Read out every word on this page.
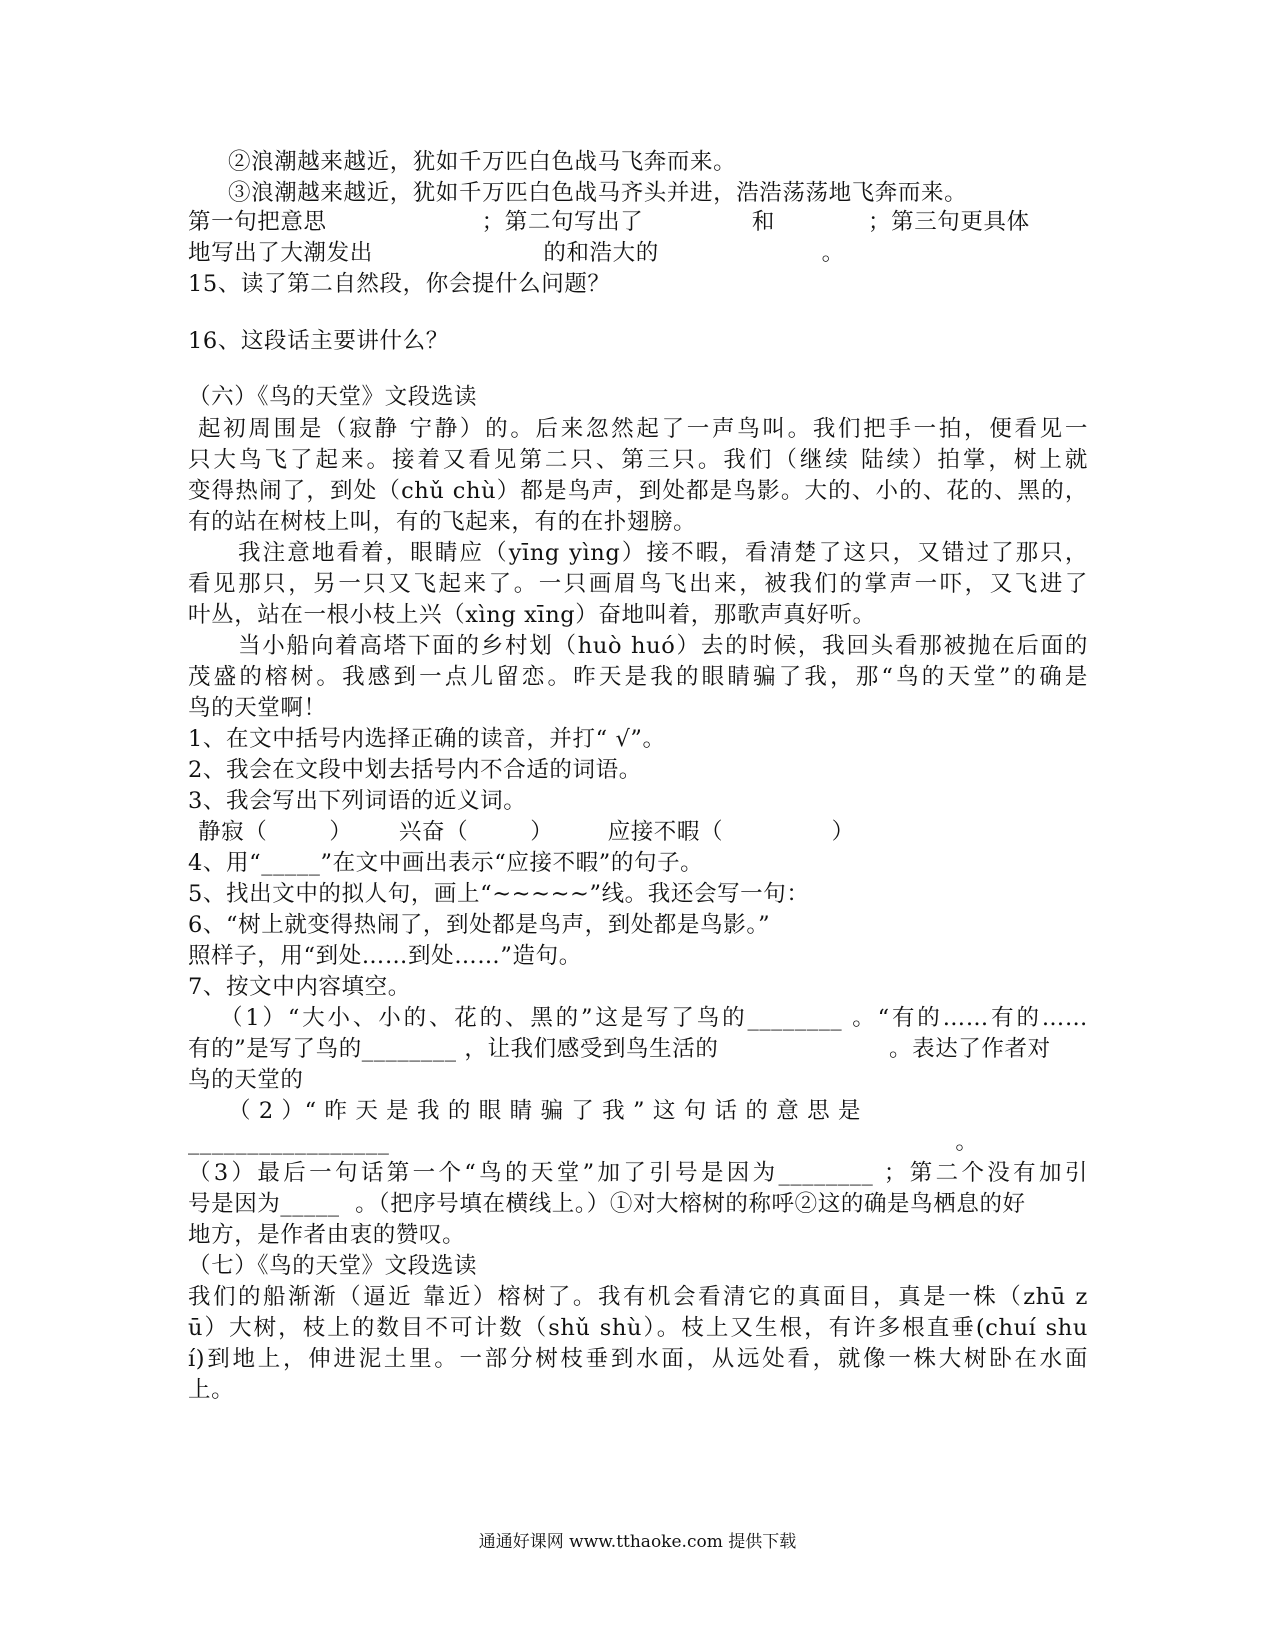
②浪潮越来越近，犹如千万匹白色战马飞奔而来。
③浪潮越来越近，犹如千万匹白色战马齐头并进，浩浩荡荡地飞奔而来。
第一句把意思                    ；第二句写出了              和            ；第三句更具体
地写出了大潮发出                      的和浩大的                     。
15、读了第二自然段，你会提什么问题？
16、这段话主要讲什么？
（六）《鸟的天堂》文段选读
起初周围是（寂静 宁静）的。后来忽然起了一声鸟叫。我们把手一拍，便看见一
只大鸟飞了起来。接着又看见第二只、第三只。我们（继续 陆续）拍掌，树上就
变得热闹了，到处（chǔ chù）都是鸟声，到处都是鸟影。大的、小的、花的、黑的，
有的站在树枝上叫，有的飞起来，有的在扑翅膀。
我注意地看着，眼睛应（yīng yìng）接不暇，看清楚了这只，又错过了那只，
看见那只，另一只又飞起来了。一只画眉鸟飞出来，被我们的掌声一吓，又飞进了
叶丛，站在一根小枝上兴（xìng xīng）奋地叫着，那歌声真好听。
当小船向着高塔下面的乡村划（huò huó）去的时候，我回头看那被抛在后面的
茂盛的榕树。我感到一点儿留恋。昨天是我的眼睛骗了我，那“鸟的天堂”的确是
鸟的天堂啊！
1、在文中括号内选择正确的读音，并打“ √”。
2、我会在文段中划去括号内不合适的词语。
3、我会写出下列词语的近义词。
静寂（        ）      兴奋（        ）       应接不暇（              ）
4、用“_____”在文中画出表示“应接不暇”的句子。
5、找出文中的拟人句，画上“~~~~~”线。我还会写一句：
6、“树上就变得热闹了，到处都是鸟声，到处都是鸟影。”
照样子，用“到处……到处……”造句。
7、按文中内容填空。
（1）“大小、小的、花的、黑的”这是写了鸟的________ 。“有的……有的……
有的”是写了鸟的________ ，让我们感受到鸟生活的                      。表达了作者对
鸟的天堂的
（ 2 ）“ 昨 天 是 我 的 眼 睛 骗 了 我 ” 这 句 话 的 意 思 是
_________________                                                                         。
（3）最后一句话第一个“鸟的天堂”加了引号是因为________ ；第二个没有加引
号是因为_____  。（把序号填在横线上。）①对大榕树的称呼②这的确是鸟栖息的好
地方，是作者由衷的赞叹。
（七）《鸟的天堂》文段选读
我们的船渐渐（逼近 靠近）榕树了。我有机会看清它的真面目，真是一株（zhū z
ū）大树，枝上的数目不可计数（shǔ shù）。枝上又生根，有许多根直垂(chuí shu
í)到地上，伸进泥土里。一部分树枝垂到水面，从远处看，就像一株大树卧在水面
上。
通通好课网 www.tthaoke.com 提供下载
